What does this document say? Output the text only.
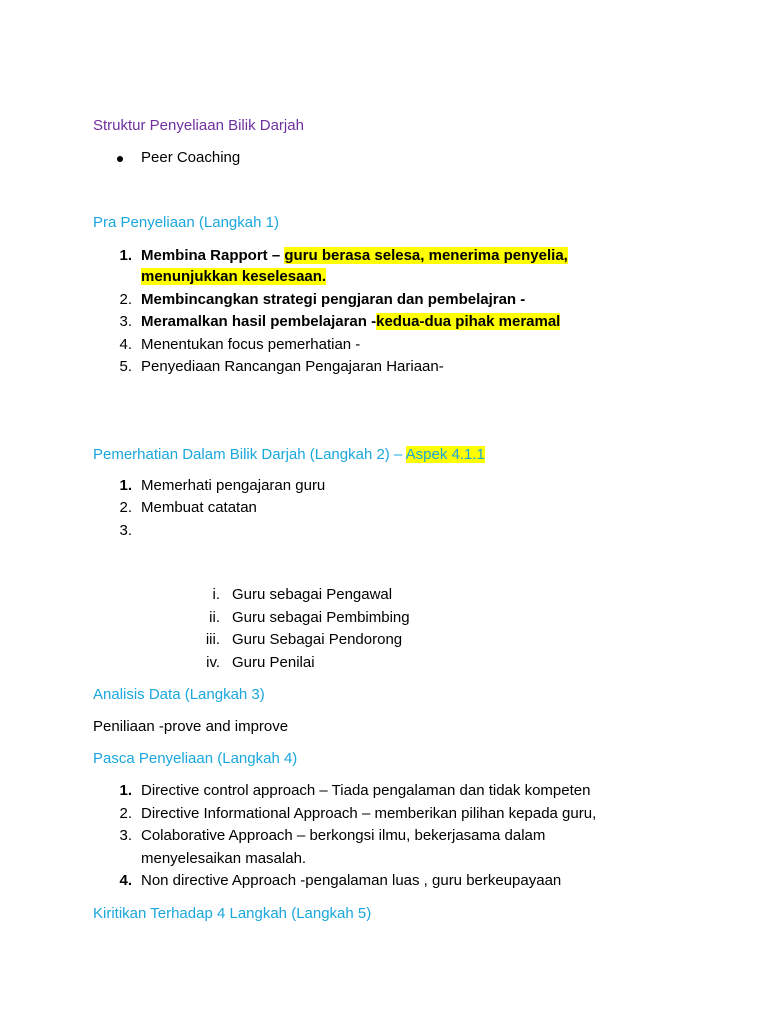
Struktur Penyeliaan Bilik Darjah
Peer Coaching
Pra Penyeliaan (Langkah 1)
1. Membina Rapport – guru berasa selesa, menerima penyelia,
menunjukkan keselesaan.
2. Membincangkan strategi pengjaran dan pembelajran -
3. Meramalkan hasil pembelajaran -kedua-dua pihak meramal
4. Menentukan focus pemerhatian -
5. Penyediaan Rancangan Pengajaran Hariaan-
Pemerhatian Dalam Bilik Darjah (Langkah 2) – Aspek 4.1.1
1. Memerhati pengajaran guru
2. Membuat catatan
3.
i. Guru sebagai Pengawal
ii. Guru sebagai Pembimbing
iii. Guru Sebagai Pendorong
iv. Guru Penilai
Analisis Data (Langkah 3)
Peniliaan -prove and improve
Pasca Penyeliaan (Langkah 4)
1. Directive control approach – Tiada pengalaman dan tidak kompeten
2. Directive Informational Approach – memberikan pilihan kepada guru,
3. Colaborative Approach – berkongsi ilmu, bekerjasama dalam
menyelesaikan masalah.
4. Non directive Approach -pengalaman luas , guru berkeupayaan
Kiritikan Terhadap 4 Langkah (Langkah 5)
